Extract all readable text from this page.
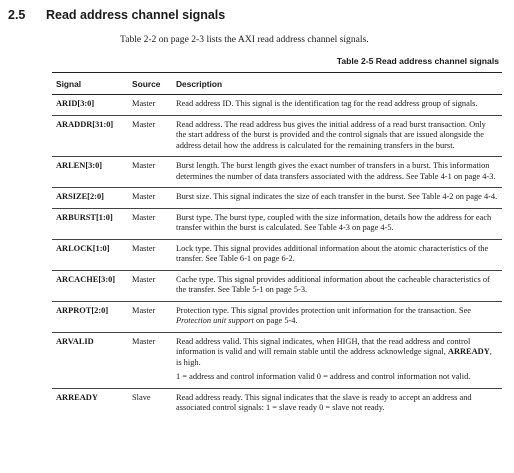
2.5 Read address channel signals
Table 2-2 on page 2-3 lists the AXI read address channel signals.
Table 2-5 Read address channel signals
Signal	Source	Description
ARID[3:0]	Master	Read address ID. This signal is the identification tag for the read address group of signals.
ARADDR[31:0]	Master	Read address. The read address bus gives the initial address of a read burst transaction. Only the start address of the burst is provided and the control signals that are issued alongside the address detail how the address is calculated for the remaining transfers in the burst.
ARLEN[3:0]	Master	Burst length. The burst length gives the exact number of transfers in a burst. This information determines the number of data transfers associated with the address. See Table 4-1 on page 4-3.
ARSIZE[2:0]	Master	Burst size. This signal indicates the size of each transfer in the burst. See Table 4-2 on page 4-4.
ARBURST[1:0]	Master	Burst type. The burst type, coupled with the size information, details how the address for each transfer within the burst is calculated. See Table 4-3 on page 4-5.
ARLOCK[1:0]	Master	Lock type. This signal provides additional information about the atomic characteristics of the transfer. See Table 6-1 on page 6-2.
ARCACHE[3:0]	Master	Cache type. This signal provides additional information about the cacheable characteristics of the transfer. See Table 5-1 on page 5-3.
ARPROT[2:0]	Master	Protection type. This signal provides protection unit information for the transaction. See Protection unit support on page 5-4.
ARVALID	Master	Read address valid. This signal indicates, when HIGH, that the read address and control information is valid and will remain stable until the address acknowledge signal, ARREADY, is high.
1 = address and control information valid 0 = address and control information not valid.

ARREADY	Slave	Read address ready. This signal indicates that the slave is ready to accept an address and associated control signals: 1 = slave ready 0 = slave not ready.
